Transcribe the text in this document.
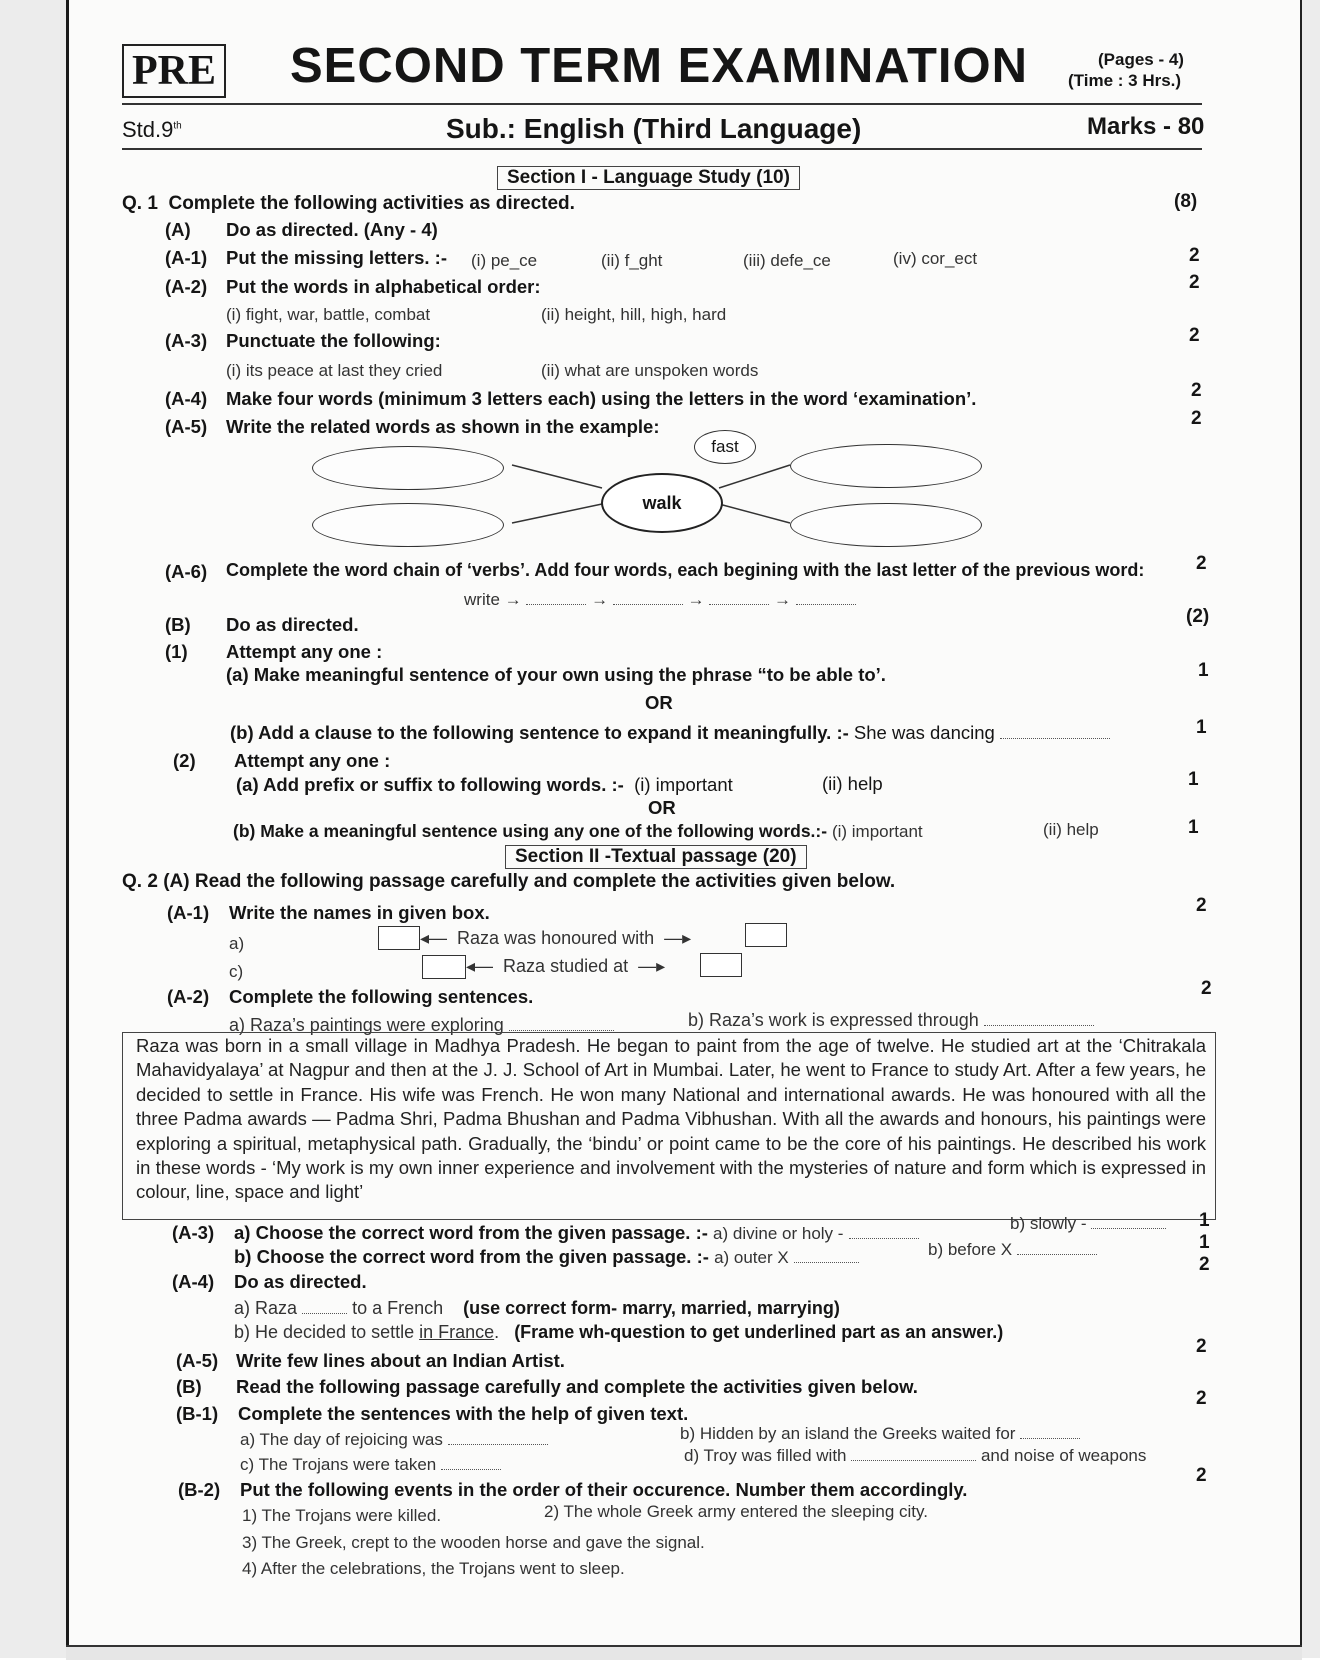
PRE SECOND TERM EXAMINATION	(Pages - 4)
(Time : 3 Hrs.)
Std.9th	Sub.: English (Third Language)	Marks - 80
Section I - Language Study (10)
Q. 1 Complete the following activities as directed.	(8)
(A) Do as directed. (Any - 4)
(A-1) Put the missing letters. :- (i) pe_ce	(ii) f_ght	(iii) defe_ce	(iv) cor_ect	2
(A-2) Put the words in alphabetical order:	2
(i) fight, war, battle, combat	(ii) height, hill, high, hard
(A-3) Punctuate the following:	2
(i) its peace at last they cried	(ii) what are unspoken words
(A-4) Make four words (minimum 3 letters each) using the letters in the word ‘examination’.	2
(A-5) Write the related words as shown in the example:	2
walk
fast
(A-6) Complete the word chain of ‘verbs’. Add four words, each begining with the last letter of the previous word:	2
write →	→	→	→
(B) Do as directed.	(2)
(1) Attempt any one :
(a) Make meaningful sentence of your own using the phrase “to be able to’.	1
OR
(b) Add a clause to the following sentence to expand it meaningfully. :- She was dancing	1
(2) Attempt any one :
(a) Add prefix or suffix to following words. :- (i) important	(ii) help	1
OR
(b) Make a meaningful sentence using any one of the following words.:- (i) important	(ii) help	1
Section II -Textual passage (20)
Q. 2 (A) Read the following passage carefully and complete the activities given below.
(A-1) Write the names in given box.	2
a)	◂—  Raza was honoured with  —▸
c)	◂—  Raza studied at  —▸
(A-2) Complete the following sentences.	2
a) Raza’s paintings were exploring	b) Raza’s work is expressed through
Raza was born in a small village in Madhya Pradesh. He began to paint from the age of twelve. He studied art at the ‘Chitrakala Mahavidyalaya’ at Nagpur and then at the J. J. School of Art in Mumbai. Later, he went to France to study Art. After a few years, he decided to settle in France. His wife was French. He won many National and international awards. He was honoured with all the three Padma awards — Padma Shri, Padma Bhushan and Padma Vibhushan. With all the awards and honours, his paintings were exploring a spiritual, metaphysical path. Gradually, the ‘bindu’ or point came to be the core of his paintings. He described his work in these words - ‘My work is my own inner experience and involvement with the mysteries of nature and form which is expressed in colour, line, space and light’
(A-3) a) Choose the correct word from the given passage. :- a) divine or holy -
b) slowly -	1
b) Choose the correct word from the given passage. :- a) outer X	b) before X	1
(A-4) Do as directed.
2
a) Raza	to a French (use correct form- marry, married, marrying)
b) He decided to settle in France.   (Frame wh-question to get underlined part as an answer.)
(A-5) Write few lines about an Indian Artist.
2
(B) Read the following passage carefully and complete the activities given below.
(B-1) Complete the sentences with the help of given text.
2
a) The day of rejoicing was	b) Hidden by an island the Greeks waited for
c) The Trojans were taken	d) Troy was filled with	and noise of weapons
(B-2) Put the following events in the order of their occurence. Number them accordingly.
2
1) The Trojans were killed.	2) The whole Greek army entered the sleeping city.
3) The Greek, crept to the wooden horse and gave the signal.
4) After the celebrations, the Trojans went to sleep.
